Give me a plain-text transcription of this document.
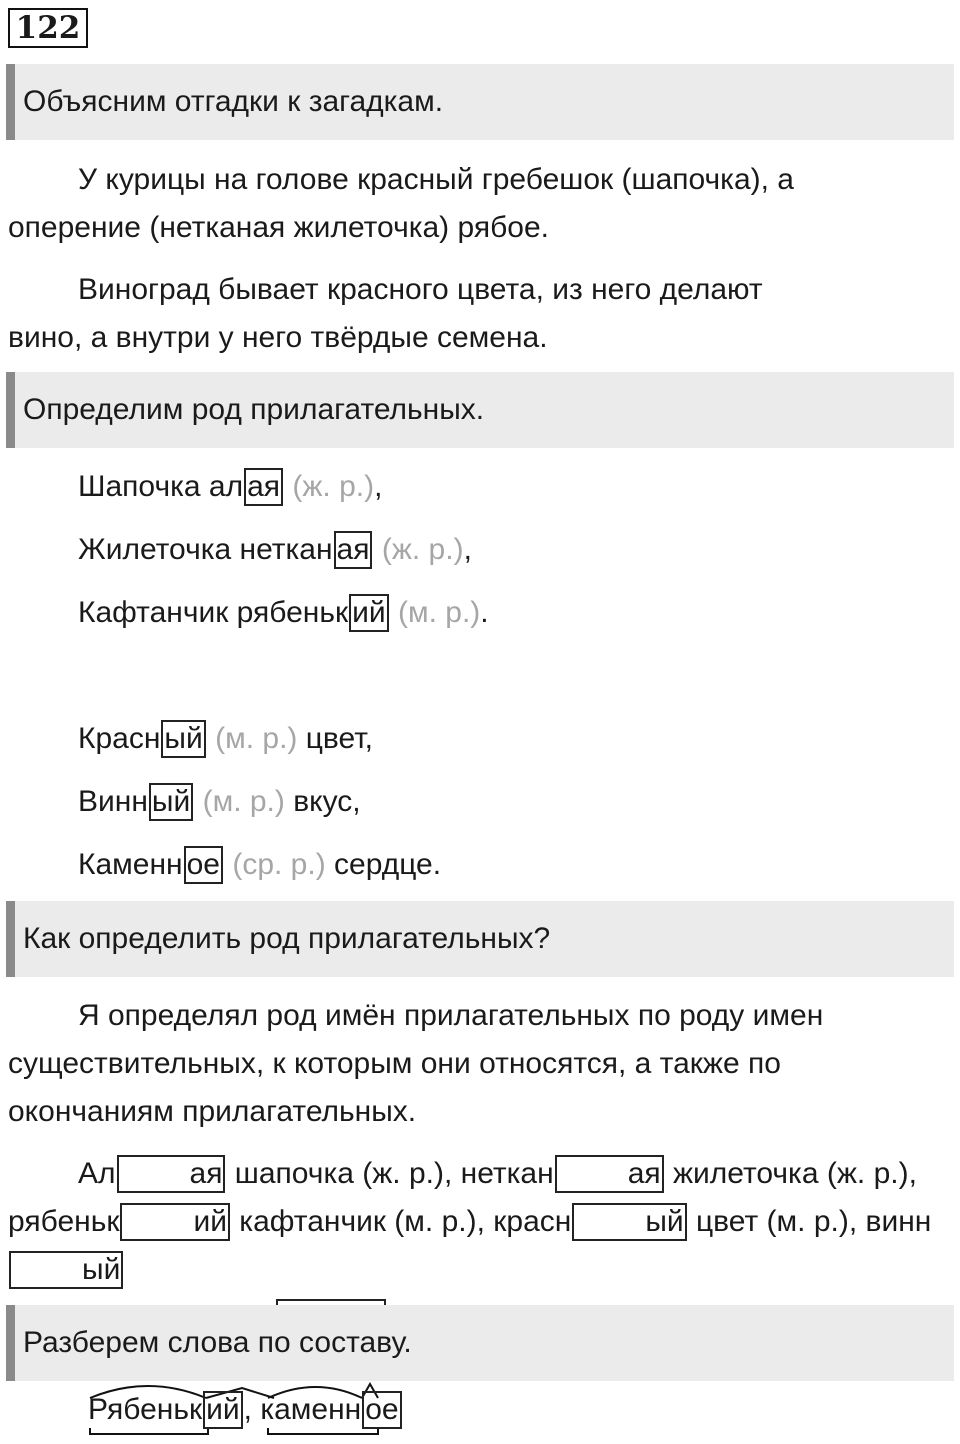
122
Объясним отгадки к загадкам.
У курицы на голове красный гребешок (шапочка), а
оперение (нетканая жилеточка) рябое.
Виноград бывает красного цвета, из него делают
вино, а внутри у него твёрдые семена.
Определим род прилагательных.
Шапочка ал ая (ж. р.),
Жилеточка неткан ая (ж. р.),
Кафтанчик рябеньк ий (м. р.).
Красн ый (м. р.) цвет,
Винн ый (м. р.) вкус,
Каменн ое (ср. р.) сердце.
Как определить род прилагательных?
Я определял род имён прилагательных по роду имен
существительных, к которым они относятся, а также по
окончаниям прилагательных.
Ал ая шапочка (ж. р.), неткан ая жилеточка (ж. р.),
рябеньк ий кафтанчик (м. р.), красн ый цвет (м. р.), винный

Разберем слова по составу.
Рябеньк ий , каменн ое
